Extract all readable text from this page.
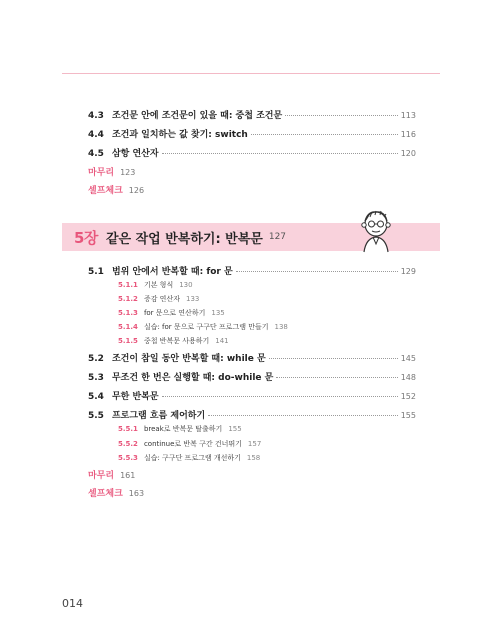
4.3 조건문 안에 조건문이 있을 때: 중첩 조건문	113
4.4 조건과 일치하는 값 찾기: switch	116
4.5 삼항 연산자	120
마무리 123
셀프체크 126
5장 같은 작업 반복하기: 반복문 127
5.1 범위 안에서 반복할 때: for 문	129
5.1.1 기본 형식 130
5.1.2 증감 연산자 133
5.1.3 for 문으로 연산하기 135
5.1.4 실습: for 문으로 구구단 프로그램 만들기 138
5.1.5 중첩 반복문 사용하기 141
5.2 조건이 참일 동안 반복할 때: while 문	145
5.3 무조건 한 번은 실행할 때: do-while 문	148
5.4 무한 반복문	152
5.5 프로그램 흐름 제어하기	155
5.5.1 break로 반복문 탈출하기 155
5.5.2 continue로 반복 구간 건너뛰기 157
5.5.3 실습: 구구단 프로그램 개선하기 158
마무리 161
셀프체크 163
014
